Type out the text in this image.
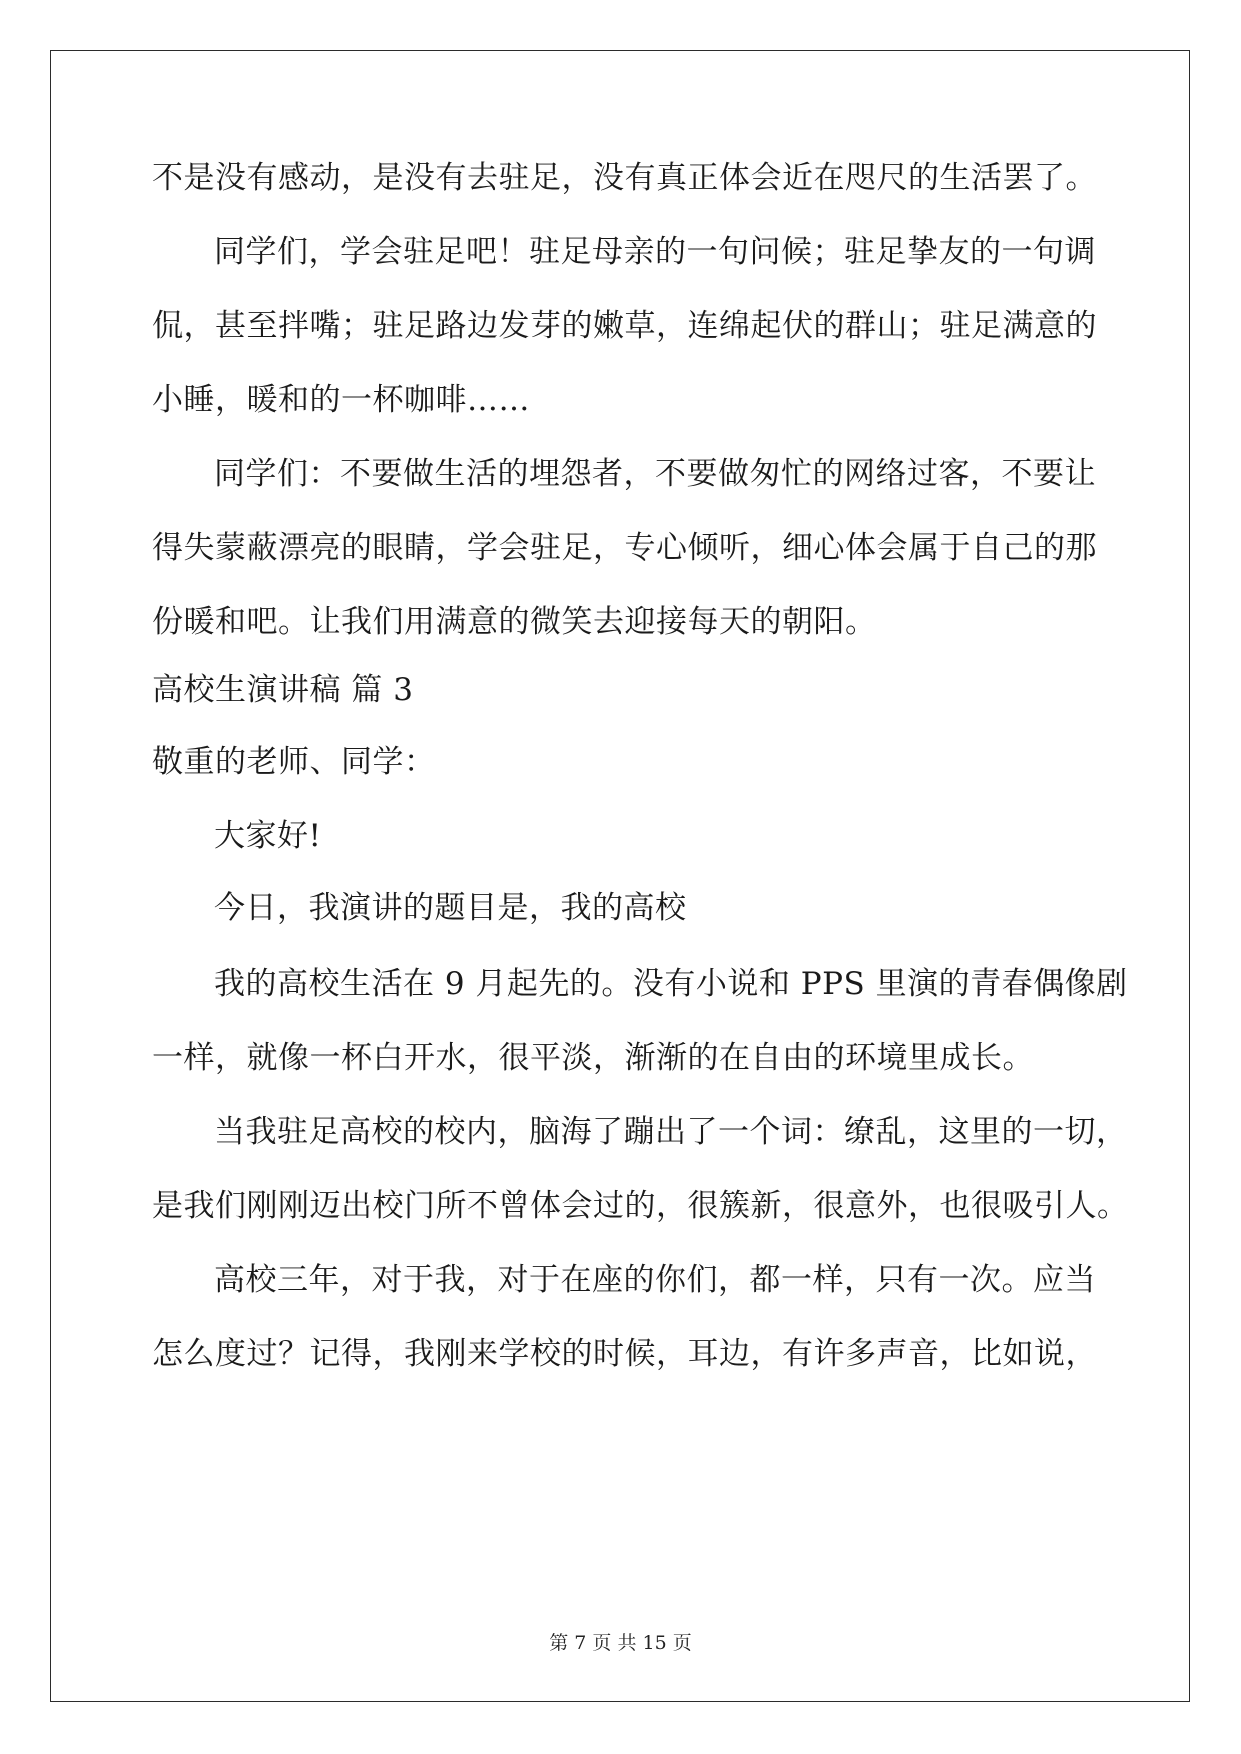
不是没有感动，是没有去驻足，没有真正体会近在咫尺的生活罢了。
同学们，学会驻足吧！驻足母亲的一句问候；驻足挚友的一句调
侃，甚至拌嘴；驻足路边发芽的嫩草，连绵起伏的群山；驻足满意的
小睡，暖和的一杯咖啡……
同学们：不要做生活的埋怨者，不要做匆忙的网络过客，不要让
得失蒙蔽漂亮的眼睛，学会驻足，专心倾听，细心体会属于自己的那
份暖和吧。让我们用满意的微笑去迎接每天的朝阳。
高校生演讲稿 篇 3
敬重的老师、同学：
大家好!
今日，我演讲的题目是，我的高校
我的高校生活在 9 月起先的。没有小说和 PPS 里演的青春偶像剧
一样，就像一杯白开水，很平淡，渐渐的在自由的环境里成长。
当我驻足高校的校内，脑海了蹦出了一个词：缭乱，这里的一切，
是我们刚刚迈出校门所不曾体会过的，很簇新，很意外，也很吸引人。
高校三年，对于我，对于在座的你们，都一样，只有一次。应当
怎么度过？记得，我刚来学校的时候，耳边，有许多声音，比如说，
第 7 页 共 15 页
